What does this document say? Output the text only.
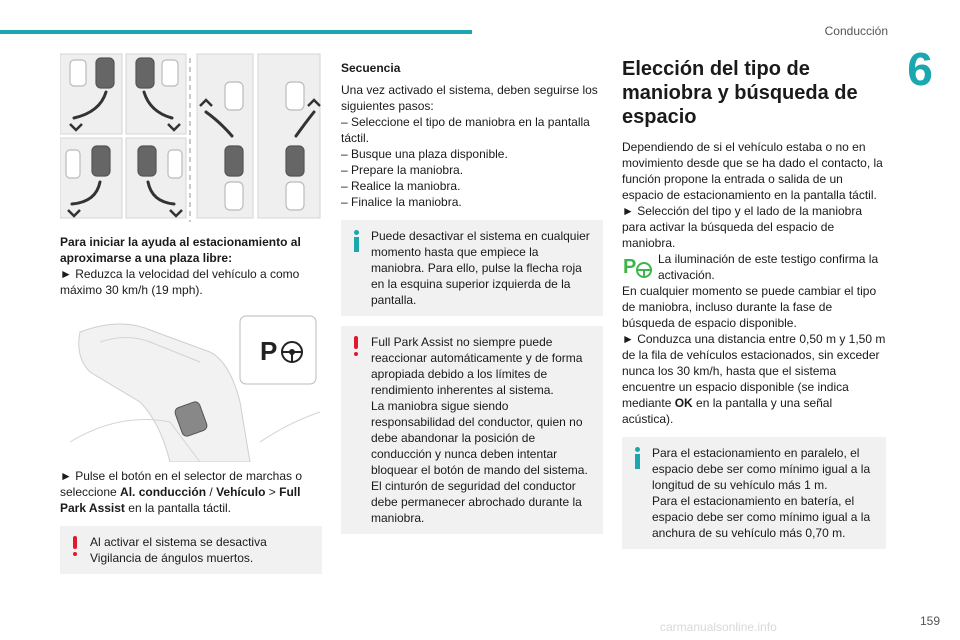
Conducción
6
Para iniciar la ayuda al estacionamiento al aproximarse a una plaza libre:
► Reduzca la velocidad del vehículo a como máximo 30 km/h (19 mph).
P
► Pulse el botón en el selector de marchas o seleccione Al. conducción / Vehículo > Full Park Assist en la pantalla táctil.
Al activar el sistema se desactiva Vigilancia de ángulos muertos.
Secuencia
Una vez activado el sistema, deben seguirse los siguientes pasos:
– Seleccione el tipo de maniobra en la pantalla táctil.
– Busque una plaza disponible.
– Prepare la maniobra.
– Realice la maniobra.
– Finalice la maniobra.
Puede desactivar el sistema en cualquier momento hasta que empiece la maniobra. Para ello, pulse la flecha roja en la esquina superior izquierda de la pantalla.
Full Park Assist no siempre puede reaccionar automáticamente y de forma apropiada debido a los límites de rendimiento inherentes al sistema.
La maniobra sigue siendo responsabilidad del conductor, quien no debe abandonar la posición de conducción y nunca deben intentar bloquear el botón de mando del sistema.
El cinturón de seguridad del conductor debe permanecer abrochado durante la maniobra.
Elección del tipo de maniobra y búsqueda de espacio
Dependiendo de si el vehículo estaba o no en movimiento desde que se ha dado el contacto, la función propone la entrada o salida de un espacio de estacionamiento en la pantalla táctil.
► Selección del tipo y el lado de la maniobra para activar la búsqueda del espacio de maniobra.
P La iluminación de este testigo confirma la activación.
En cualquier momento se puede cambiar el tipo de maniobra, incluso durante la fase de búsqueda de espacio disponible.
► Conduzca una distancia entre 0,50 m y 1,50 m de la fila de vehículos estacionados, sin exceder nunca los 30 km/h, hasta que el sistema encuentre un espacio disponible (se indica mediante OK en la pantalla y una señal acústica).
Para el estacionamiento en paralelo, el espacio debe ser como mínimo igual a la longitud de su vehículo más 1 m.
Para el estacionamiento en batería, el espacio debe ser como mínimo igual a la anchura de su vehículo más 0,70 m.
159
carmanualsonline.info
